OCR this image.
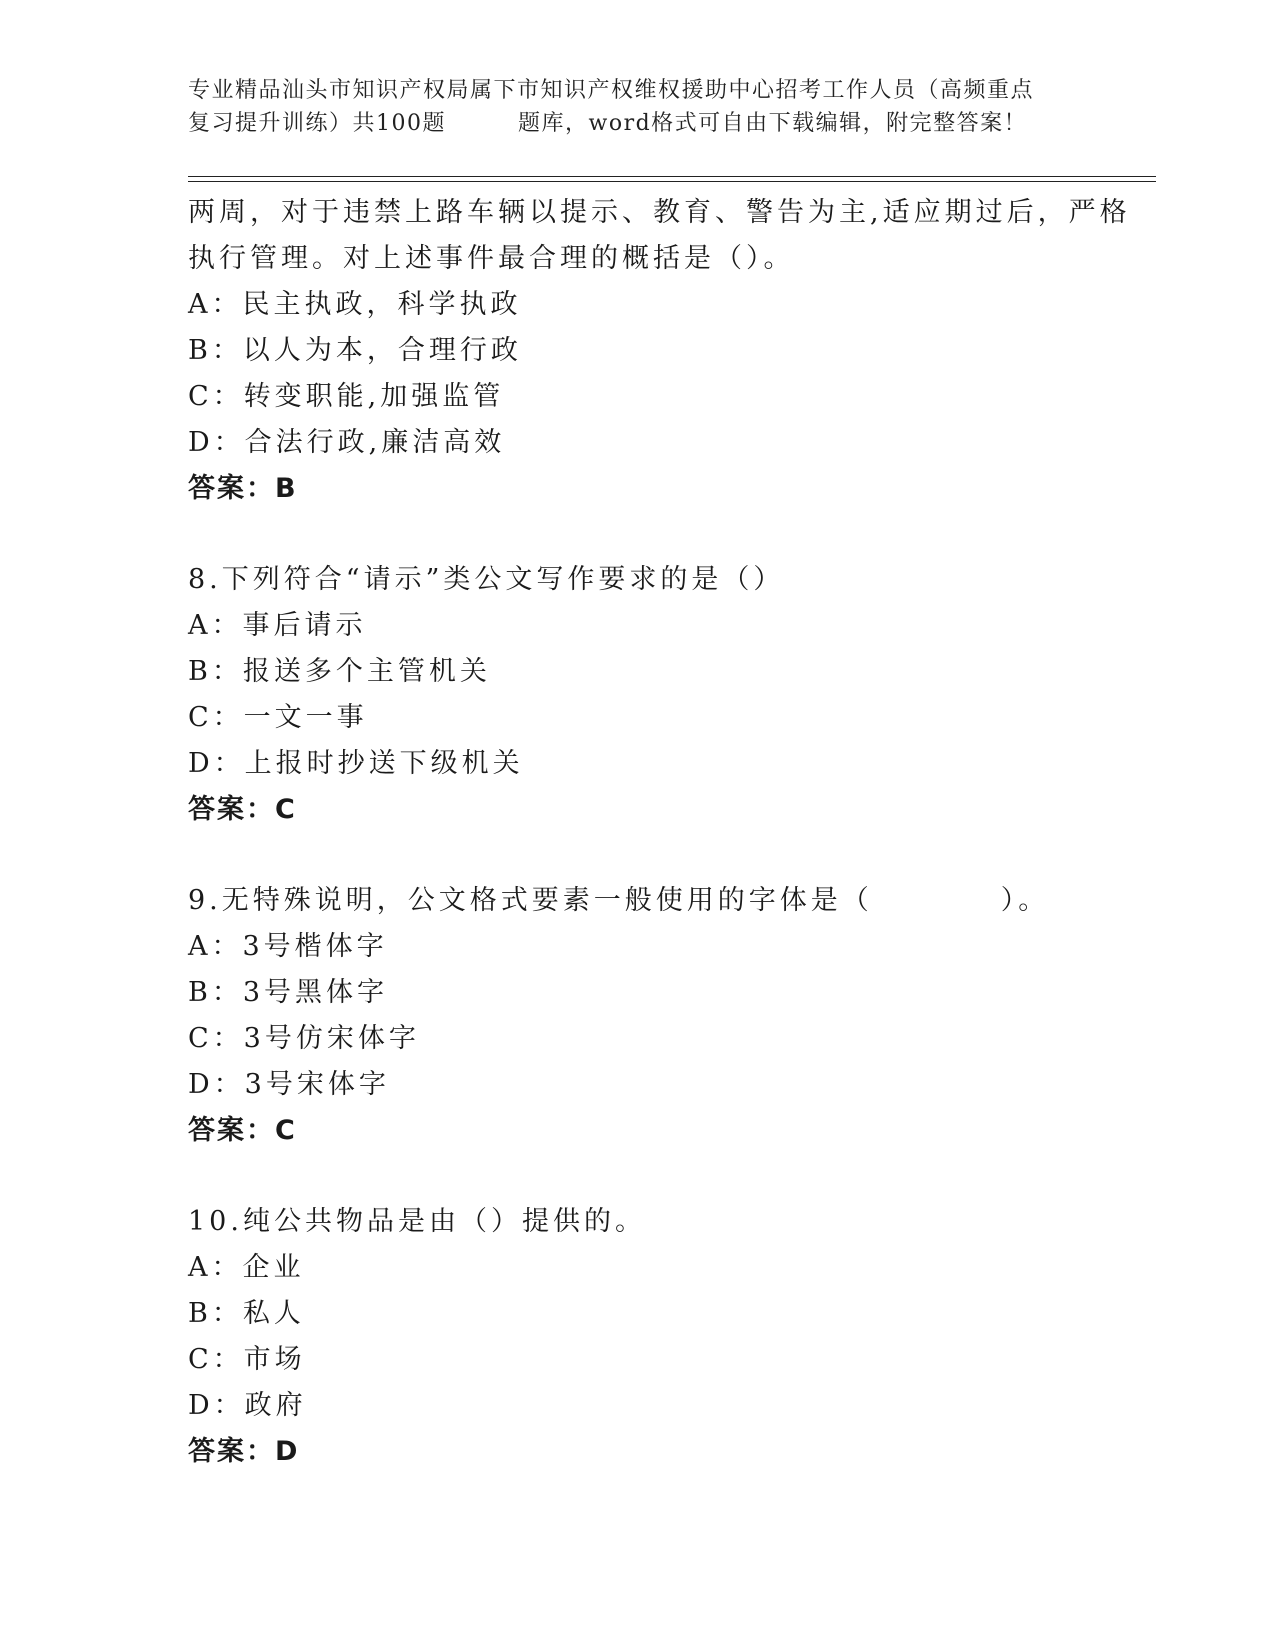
专业精品汕头市知识产权局属下市知识产权维权援助中心招考工作人员（高频重点
复习提升训练）共100题	题库，word格式可自由下载编辑，附完整答案！
两周，对于违禁上路车辆以提示、教育、警告为主,适应期过后，严格
执行管理。对上述事件最合理的概括是（）。
A：民主执政，科学执政
B：以人为本，合理行政
C：转变职能,加强监管
D：合法行政,廉洁高效
答案：B
8.下列符合“请示”类公文写作要求的是（）
A：事后请示
B：报送多个主管机关
C：一文一事
D：上报时抄送下级机关
答案：C
9.无特殊说明，公文格式要素一般使用的字体是（	）。
A：3号楷体字
B：3号黑体字
C：3号仿宋体字
D：3号宋体字
答案：C
10.纯公共物品是由（）提供的。
A：企业
B：私人
C：市场
D：政府
答案：D
